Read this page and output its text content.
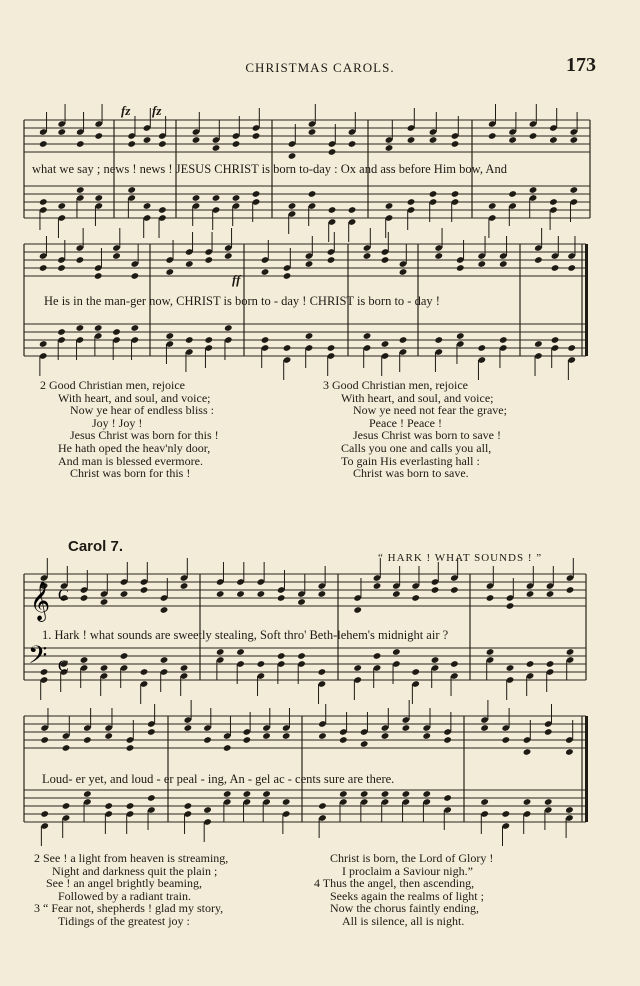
CHRISTMAS CAROLS.	173
𝄞
𝄢
C
C
fz fz
what we say ; news ! news ! JESUS CHRIST is born to-day : Ox and ass before Him bow, And
ff
He is in the man-ger now, CHRIST is born to - day ! CHRIST is born to - day !
2 Good Christian men, rejoice
With heart, and soul, and voice;
Now ye hear of endless bliss :
Joy ! Joy !
Jesus Christ was born for this !
He hath oped the heav'nly door,
And man is blessed evermore.
Christ was born for this !
3 Good Christian men, rejoice
With heart, and soul, and voice;
Now ye need not fear the grave;
Peace ! Peace !
Jesus Christ was born to save !
Calls you one and calls you all,
To gain His everlasting hall :
Christ was born to save.
Carol 7.
“ HARK ! WHAT SOUNDS ! ”
1. Hark ! what sounds are sweetly stealing, Soft thro' Beth-lehem's midnight air ?
Loud- er yet, and loud - er peal - ing, An - gel ac - cents sure are there.
2 See ! a light from heaven is streaming,
Night and darkness quit the plain ;
See ! an angel brightly beaming,
Followed by a radiant train.
3 “ Fear not, shepherds ! glad my story,
Tidings of the greatest joy :
Christ is born, the Lord of Glory !
I proclaim a Saviour nigh.”
4 Thus the angel, then ascending,
Seeks again the realms of light ;
Now the chorus faintly ending,
All is silence, all is night.
